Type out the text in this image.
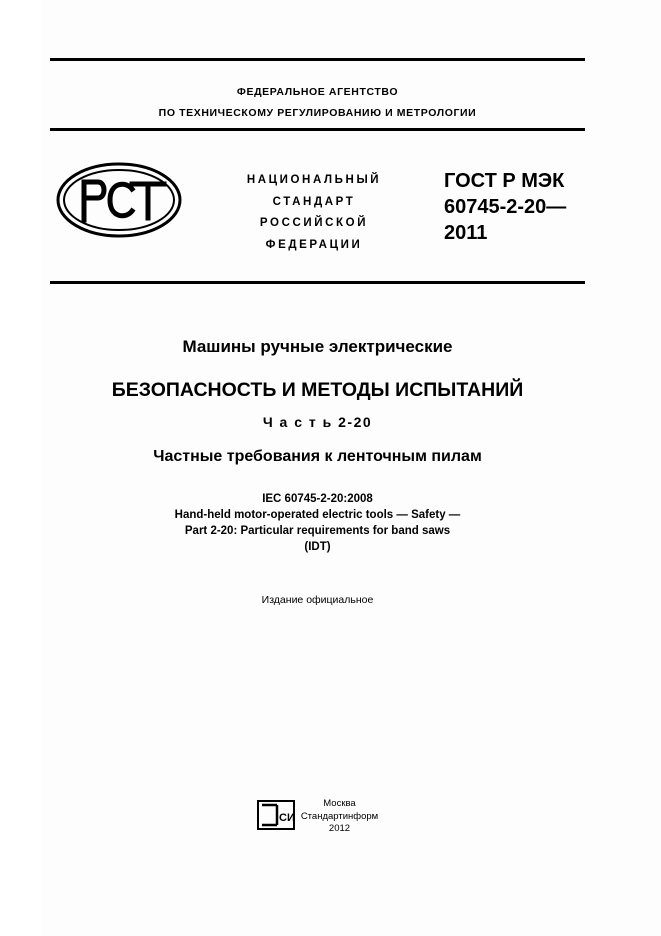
ФЕДЕРАЛЬНОЕ АГЕНТСТВО
ПО ТЕХНИЧЕСКОМУ РЕГУЛИРОВАНИЮ И МЕТРОЛОГИИ
НАЦИОНАЛЬНЫЙ
СТАНДАРТ
РОССИЙСКОЙ
ФЕДЕРАЦИИ
ГОСТ Р МЭК
60745-2-20—
2011
Машины ручные электрические
БЕЗОПАСНОСТЬ И МЕТОДЫ ИСПЫТАНИЙ
Ч а с т ь 2-20
Частные требования к ленточным пилам
IEC 60745-2-20:2008
Hand-held motor-operated electric tools — Safety —
Part 2-20: Particular requirements for band saws
(IDT)
Издание официальное
СИ
Москва
Стандартинформ
2012
